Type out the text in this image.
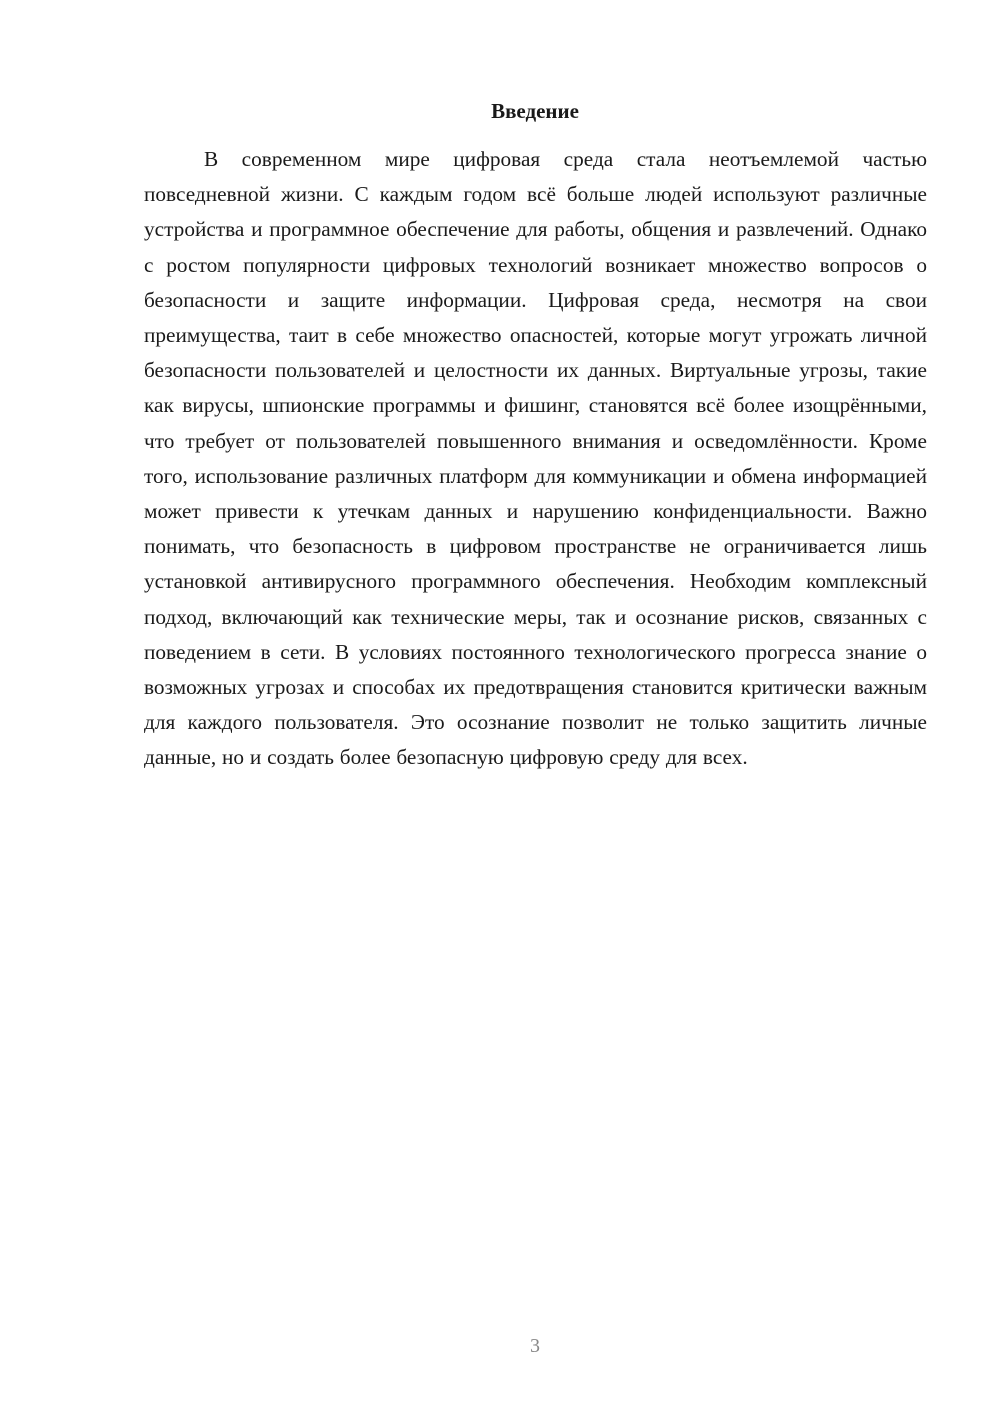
Введение

В современном мире цифровая среда стала неотъемлемой частью повседневной жизни. С каждым годом всё больше людей используют различные устройства и программное обеспечение для работы, общения и развлечений. Однако с ростом популярности цифровых технологий возникает множество вопросов о безопасности и защите информации. Цифровая среда, несмотря на свои преимущества, таит в себе множество опасностей, которые могут угрожать личной безопасности пользователей и целостности их данных. Виртуальные угрозы, такие как вирусы, шпионские программы и фишинг, становятся всё более изощрёнными, что требует от пользователей повышенного внимания и осведомлённости. Кроме того, использование различных платформ для коммуникации и обмена информацией может привести к утечкам данных и нарушению конфиденциальности. Важно понимать, что безопасность в цифровом пространстве не ограничивается лишь установкой антивирусного программного обеспечения. Необходим комплексный подход, включающий как технические меры, так и осознание рисков, связанных с поведением в сети. В условиях постоянного технологического прогресса знание о возможных угрозах и способах их предотвращения становится критически важным для каждого пользователя. Это осознание позволит не только защитить личные данные, но и создать более безопасную цифровую среду для всех.

3
